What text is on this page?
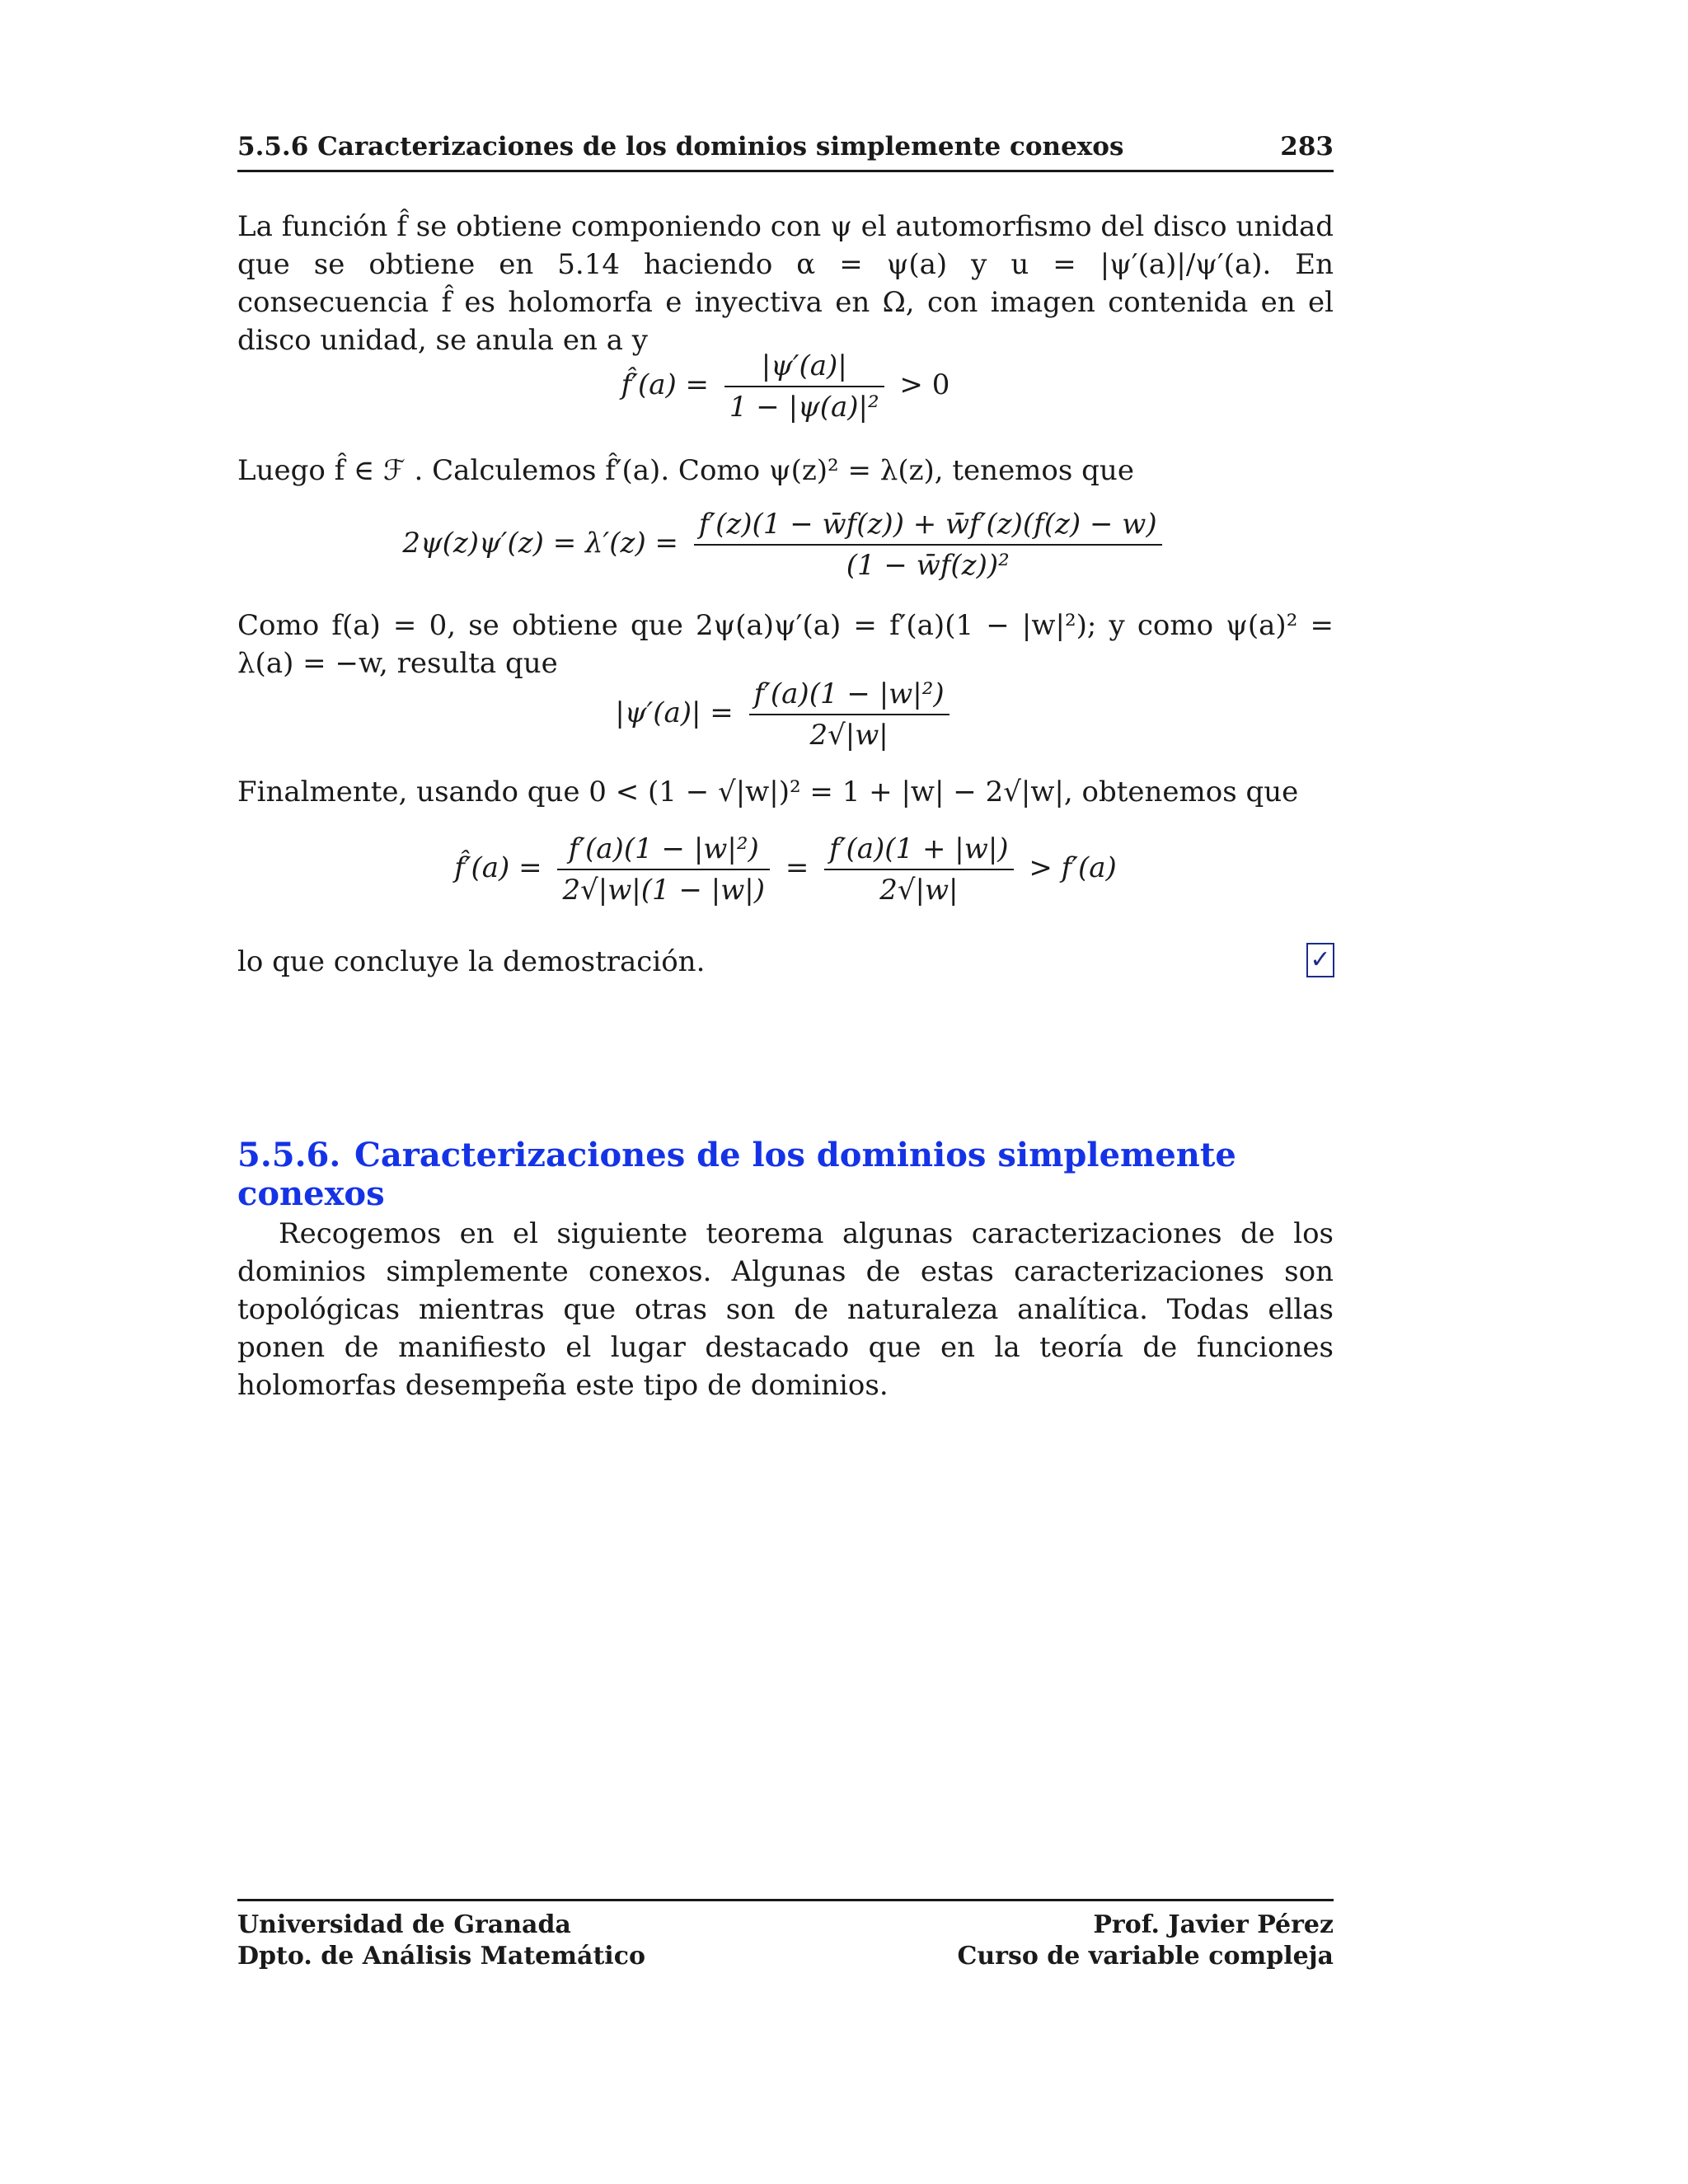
5.5.6 Caracterizaciones de los dominios simplemente conexos	283

La función f̂ se obtiene componiendo con ψ el automorfismo del disco unidad que se obtiene en 5.14 haciendo α = ψ(a) y u = |ψ′(a)|/ψ′(a). En consecuencia f̂ es holomorfa e inyectiva en Ω, con imagen contenida en el disco unidad, se anula en a y

f̂′(a) = $\frac{|\psi'(a)|}{\text{1 − |ψ(a)|²}} > 0$

Luego f̂ ∈ ℱ . Calculemos f̂′(a). Como ψ(z)² = λ(z), tenemos que

$2\psi(z)\psi'(z) = \lambda'(z) = \frac{f'(z)(1 - w̄f(z)) + w̄f'(z)(f(z) - w)}{\text{(1 − w̄f(z))²}}$

Como f(a) = 0, se obtiene que 2ψ(a)ψ′(a) = f′(a)(1 − |w|²); y como ψ(a)² = λ(a) = −w, resulta que

$|\psi'(a)| = \frac{\text{f′(a)(1 − |w|²)}}{2√|w|}$

Finalmente, usando que 0 < (1 − √|w|)² = 1 + |w| − 2√|w|, obtenemos que

f̂′(a) = $\frac{\text{f′(a)(1 − |w|²)}}{2√|w|(1 - |w|)} = \frac{f'(a)(1 + |w|)}{2√|w|} > f'(a)$

lo que concluye la demostración.	✓
5.5.6. Caracterizaciones de los dominios simplemente conexos

Recogemos en el siguiente teorema algunas caracterizaciones de los dominios simplemente conexos. Algunas de estas caracterizaciones son topológicas mientras que otras son de naturaleza analítica. Todas ellas ponen de manifiesto el lugar destacado que en la teoría de funciones holomorfas desempeña este tipo de dominios.

Universidad de Granada
Dpto. de Análisis Matemático
Prof. Javier Pérez
Curso de variable compleja
